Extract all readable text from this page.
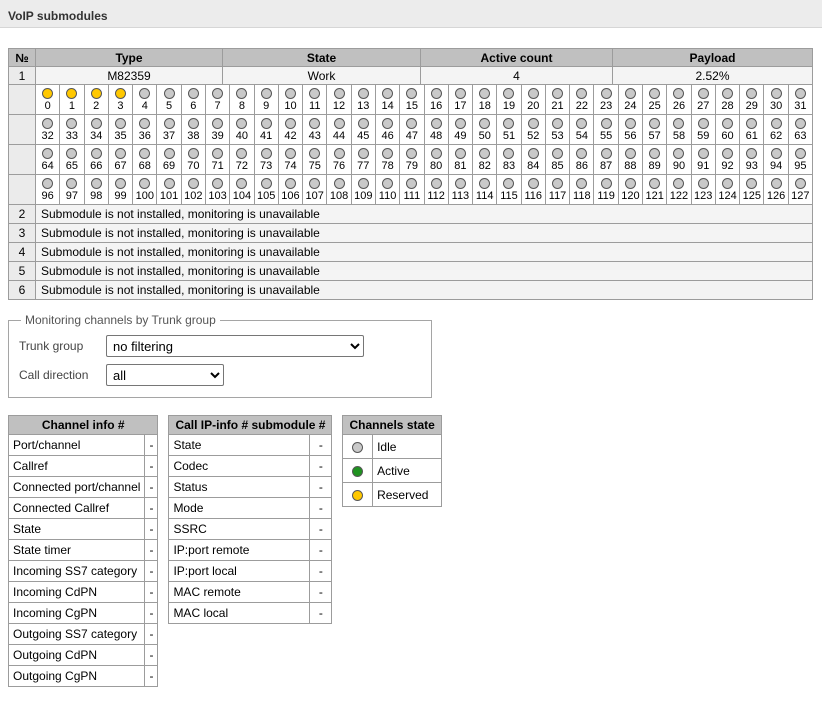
VoIP submodules
№	Type	State	Active count	Payload
1	M82359	Work	4	2.52%

0 1 2 3 4 5 6 7 8 9 10 11 12 13 14 15 16 17 18 19 20 21 22 23 24 25 26 27 28 29 30 31

32 33 34 35 36 37 38 39 40 41 42 43 44 45 46 47 48 49 50 51 52 53 54 55 56 57 58 59 60 61 62 63

64 65 66 67 68 69 70 71 72 73 74 75 76 77 78 79 80 81 82 83 84 85 86 87 88 89 90 91 92 93 94 95

96 97 98 99 100 101 102 103 104 105 106 107 108 109 110 111 112 113 114 115 116 117 118 119 120 121 122 123 124 125 126 127

2	Submodule is not installed, monitoring is unavailable			
3	Submodule is not installed, monitoring is unavailable			
4	Submodule is not installed, monitoring is unavailable			
5	Submodule is not installed, monitoring is unavailable			
6	Submodule is not installed, monitoring is unavailable			
Monitoring channels by Trunk group
Trunk group
no filtering
Call direction
all
Channel info #	
Port/channel	-
Callref	-
Connected port/channel	-
Connected Callref	-
State	-
State timer	-
Incoming SS7 category	-
Incoming CdPN	-
Incoming CgPN	-
Outgoing SS7 category	-
Outgoing CdPN	-
Outgoing CgPN	-
Call IP-info # submodule #	
State	-
Codec	-
Status	-
Mode	-
SSRC	-
IP:port remote	-
IP:port local	-
MAC remote	-
MAC local	-
Channels state	
	Idle
	Active
	Reserved
